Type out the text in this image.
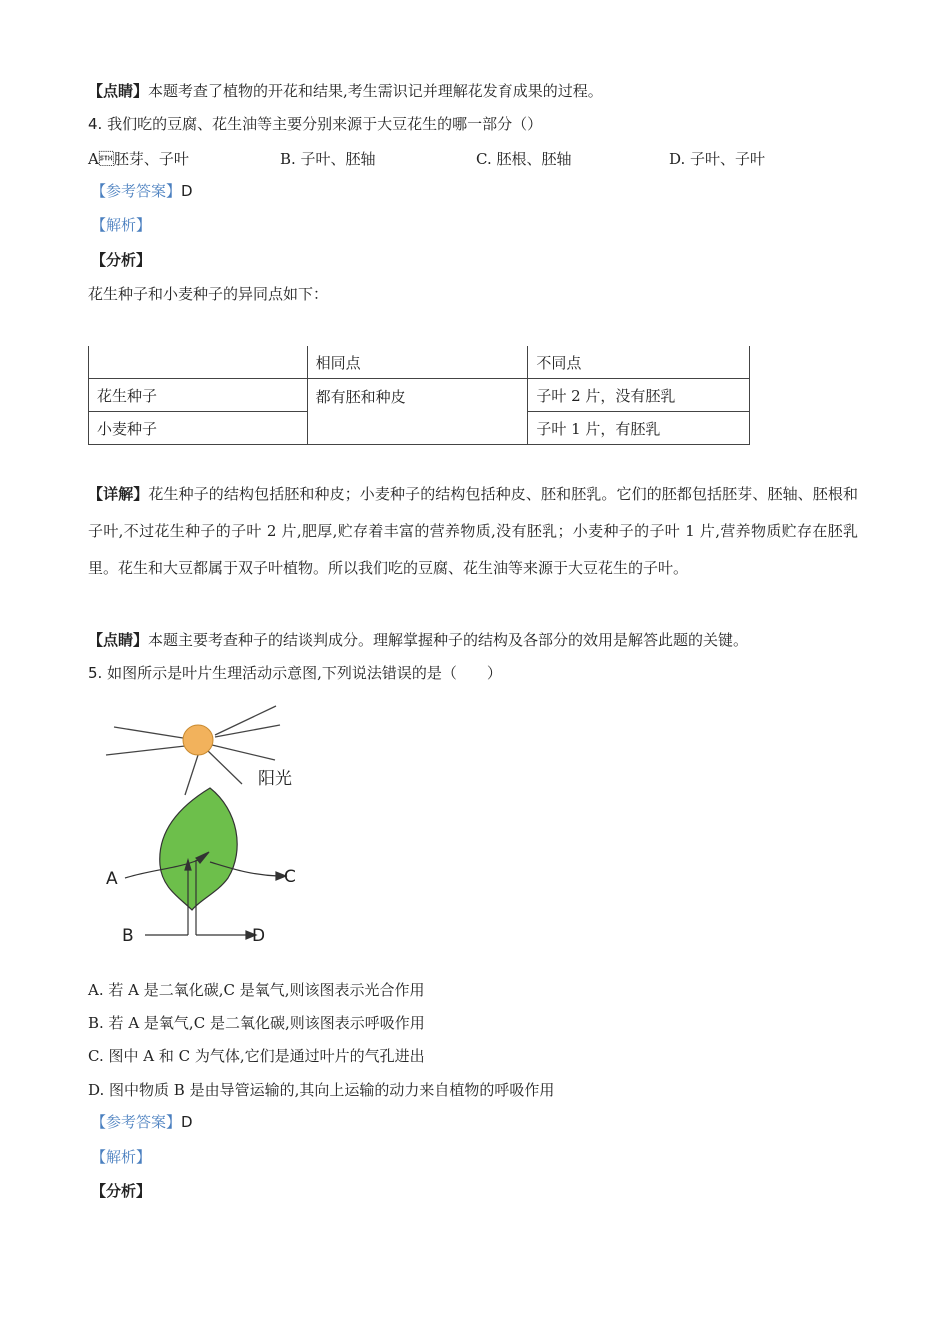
【点睛】本题考查了植物的开花和结果,考生需识记并理解花发育成果的过程。
4. 我们吃的豆腐、花生油等主要分别来源于大豆花生的哪一部分（）
A胚芽、子叶	B. 子叶、胚轴	C. 胚根、胚轴	D. 子叶、子叶
【参考答案】D
【解析】
【分析】
花生种子和小麦种子的异同点如下：
	相同点	不同点
花生种子	都有胚和种皮	子叶 2 片，没有胚乳
小麦种子		子叶 1 片，有胚乳
【详解】花生种子的结构包括胚和种皮；小麦种子的结构包括种皮、胚和胚乳。它们的胚都包括胚芽、胚轴、胚根和子叶,不过花生种子的子叶 2 片,肥厚,贮存着丰富的营养物质,没有胚乳；小麦种子的子叶 1 片,营养物质贮存在胚乳里。花生和大豆都属于双子叶植物。所以我们吃的豆腐、花生油等来源于大豆花生的子叶。
【点睛】本题主要考查种子的结谈判成分。理解掌握种子的结构及各部分的效用是解答此题的关键。
5. 如图所示是叶片生理活动示意图,下列说法错误的是（　　）
阳光
A
B
C
D
A. 若 A 是二氧化碳,C 是氧气,则该图表示光合作用
B. 若 A 是氧气,C 是二氧化碳,则该图表示呼吸作用
C. 图中 A 和 C 为气体,它们是通过叶片的气孔进出
D. 图中物质 B 是由导管运输的,其向上运输的动力来自植物的呼吸作用
【参考答案】D
【解析】
【分析】
